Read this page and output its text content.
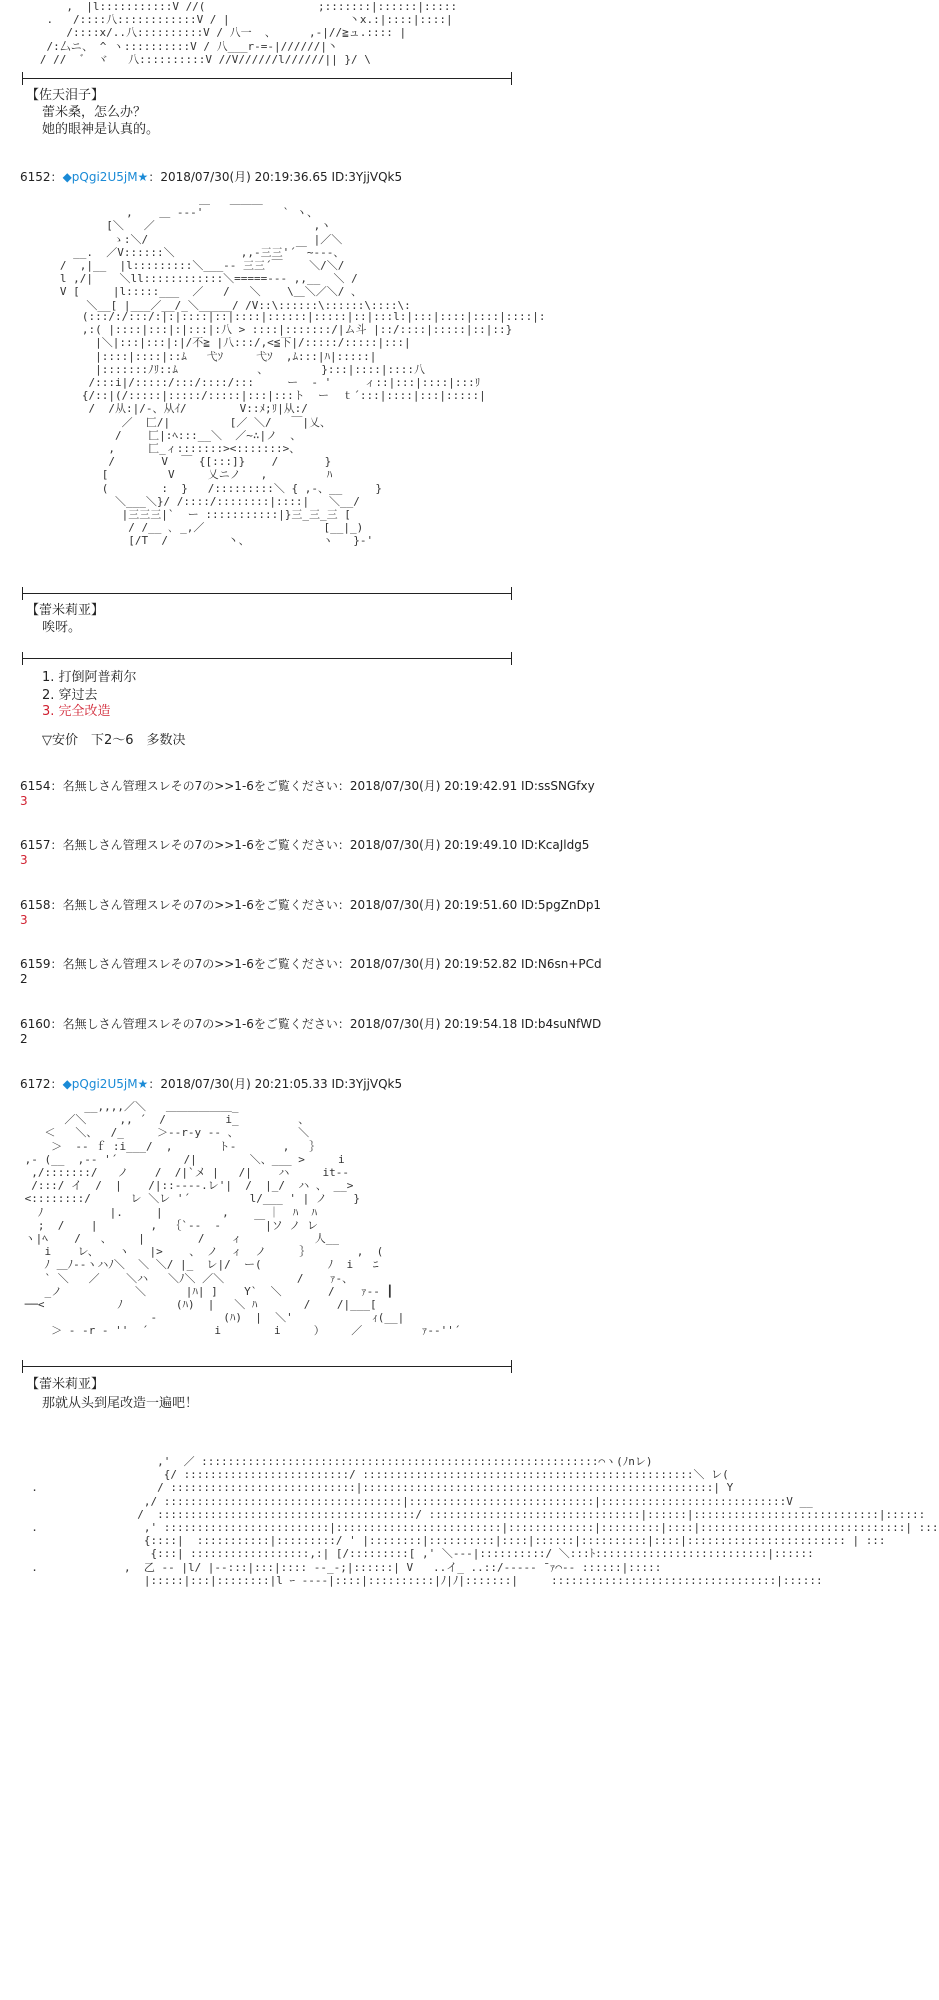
,  |l:::::::::::V //(                 ;:::::::|::::::|:::::
.   /::::八::::::::::::V / |                  丶x.:|::::|::::|
/::::x/..八::::::::::V / 八一  、     ,-|//≧ュ.:::: |
/:厶ニ、 ^ ヽ::::::::::V / 八___r-=-|//////|丶
/ //  ゛ ヾ   八::::::::::V //V//////l//////|| }/ \
【佐天泪子】
蕾米桑，怎么办？
她的眼神是认真的。
6152：◆pQgi2U5jM★：2018/07/30(月) 20:19:36.65 ID:3YjjVQk5
＿   ＿＿＿
,    ＿ ‐-‐'            ` ヽ、
[＼   ／                        ,ヽ
ゝ:＼/                         |／＼
__.  ／V::::::＼          ,,-三三'´￣~‐--、
/  ,|__  |l:::::::::＼___-- 三三´￣    ＼/＼/
l ,/|    ＼ll::::::::::::＼=====--- ,,__  ＼ /
V [     |l:::::___  ／   /   ＼    \＿＼／＼/ 、
＼__[ |___／__/_＼_____/ /V::\::::::\::::::\::::\:
(:::/:/:::/:|:|::::|::|::::|::::::|:::::|::|:::l:|:::|::::|::::|::::|:
,:( |::::|:::|:|:::|:八 > ::::|:::::::/|ム斗 |::/::::|:::::|::|::}
|＼|:::|:::|:|/不≧ |八:::/,<≦下|/:::::/:::::|:::|
|::::|::::|::ﾑ   弋ｿ     弋ｿ  ,ﾑ:::|ﾊ|:::::|
|:::::::ﾉﾘ::ﾑ            、        }:::|::::|::::八
/:::i|/:::::/:::/::::/:::     ー  ‐ '     ィ::|:::|::::|:::ﾘ
{/::|(/:::::|:::::/:::::|:::|:::ト  ー  ｔ´:::|::::|:::|:::::|
/  /从:|/‐、从ｲ/        V::ﾒ;ﾘ|从:/
／  匚/|         [／ ＼/   ￣|乂、
/    匚|:ﾍ:::__＼  ／~∴|ノ  、
,     匚_ィ:::::::><:::::::>、
/       V  ￣ {[:::]}    /       }
[         V     乂ニノ   ,         ﾊ
(        :  }   /:::::::::＼ { ,-、__     }
＼___＼}/ /::::/::::::::|::::|   ＼__/
|三三三|`  ー :::::::::::|}三_三_三 [
/ /__ ､ _,／                  [__|_)
[/T  /         丶、           ヽ   }-'
【蕾米莉亚】
唉呀。
1. 打倒阿普莉尔
2. 穿过去
3. 完全改造
▽安价　下2～6　多数决
6154：名無しさん管理スレその7の>>1-6をご覧ください：2018/07/30(月) 20:19:42.91 ID:ssSNGfxy
3
6157：名無しさん管理スレその7の>>1-6をご覧ください：2018/07/30(月) 20:19:49.10 ID:KcaJldg5
3
6158：名無しさん管理スレその7の>>1-6をご覧ください：2018/07/30(月) 20:19:51.60 ID:5pgZnDp1
3
6159：名無しさん管理スレその7の>>1-6をご覧ください：2018/07/30(月) 20:19:52.82 ID:N6sn+PCd
2
6160：名無しさん管理スレその7の>>1-6をご覧ください：2018/07/30(月) 20:19:54.18 ID:b4suNfWD
2
6172：◆pQgi2U5jM★：2018/07/30(月) 20:21:05.33 ID:3YjjVQk5
__,,,,／＼   ＿＿＿＿＿＿_
／＼     ,, ´  /         i_         、
＜   ＼、  /_     ＞-‐r-y -‐ 、         ＼
＞  -‐ ｆ :i___/  ,       ト-       ,   ｝
,‐ (__  ,-‐ '´          /|        ＼、___ >     i
,/:::::::/   ノ    /  /|`メ |   /|    ハ     it-‐
/:::/ イ  /  |    /|::‐‐‐-.レ'|  /  |_/  ハ 、 __>
<::::::::/      レ ＼レ '´         l/___ ' | ノ    }
ﾉ          |.     |         ,      ｜  ﾊ  ﾊ
;  /    |        ,  ｛`‐‐  -     ￣|ソ ノ レ
ヽ|ﾍ    /   、    |        /    ィ           人__
i    レ、   ヽ   |>    、 ノ  ィ  ノ     ｝       ,  (
ﾉ ＿ﾉ-‐ヽハﾉ＼  ＼ ＼/ |_  レ|/  ー(          ﾉ  i   ﾆ
` ＼   ／    ＼ハ   ＼ﾉ＼ ／＼           /    ｧ-、
_ノ           ＼      |ﾊ| ]    Y`  ＼       /    ｧ-‐ ┃
──<           ﾉ        (ﾊ)  |   ＼ ﾊ       /    /|___[
‐          (ﾊ)  |  ＼'            ｨ(__|
＞ ‐ -r ‐ ''  ´          i        i     ）    ／         ｧ-‐''´
【蕾米莉亚】
那就从头到尾改造一遍吧！
,'  ／ ::::::::::::::::::::::::::::::::::::::::::::::::::::::::::::⌒ヽ(ﾉnレ)
{/ :::::::::::::::::::::::::/ ::::::::::::::::::::::::::::::::::::::::::::::::::＼ レ(
.                  / ::::::::::::::::::::::::::::|:::::::::::::::::::::::::::::::::::::::::::::::::::::| Y
,/ ::::::::::::::::::::::::::::::::::::|::::::::::::::::::::::::::::|::::::::::::::::::::::::::::V __
/  :::::::::::::::::::::::::::::::::::::::/ ::::::::::::::::::::::::::::::::|::::::|::::::::::::::::::::::::::::|::::::
.                ,' :::::::::::::::::::::::::|:::::::::::::::::::::::::|:::::::::::::|:::::::::|::::|:::::::::::::::::::::::::::::::| :::
{::::|  :::::::::::|:::::::::/ ' |::::::::|::::::::::|::::|::::::|::::::::::|::::|:::::::::::::::::::::::: | :::
{:::| ::::::::::::::::::,:| [/:::::::::[ ,' ＼-‐-|::::::::::/ ＼:::ﾄ::::::::::::::::::::::::::|::::::
.             ,  乙 ‐- |l/ |-‐:::|:::|:::: ‐-_‐;|::::::| V   ..イ_ ..::/---‐‐ ̄ ｧ⌒‐- ::::::|:::::
|:::::|:::|::::::::|l ｰ ‐‐‐‐|::::|::::::::::|ﾉ|ﾉ|:::::::|     ::::::::::::::::::::::::::::::::::|::::::
